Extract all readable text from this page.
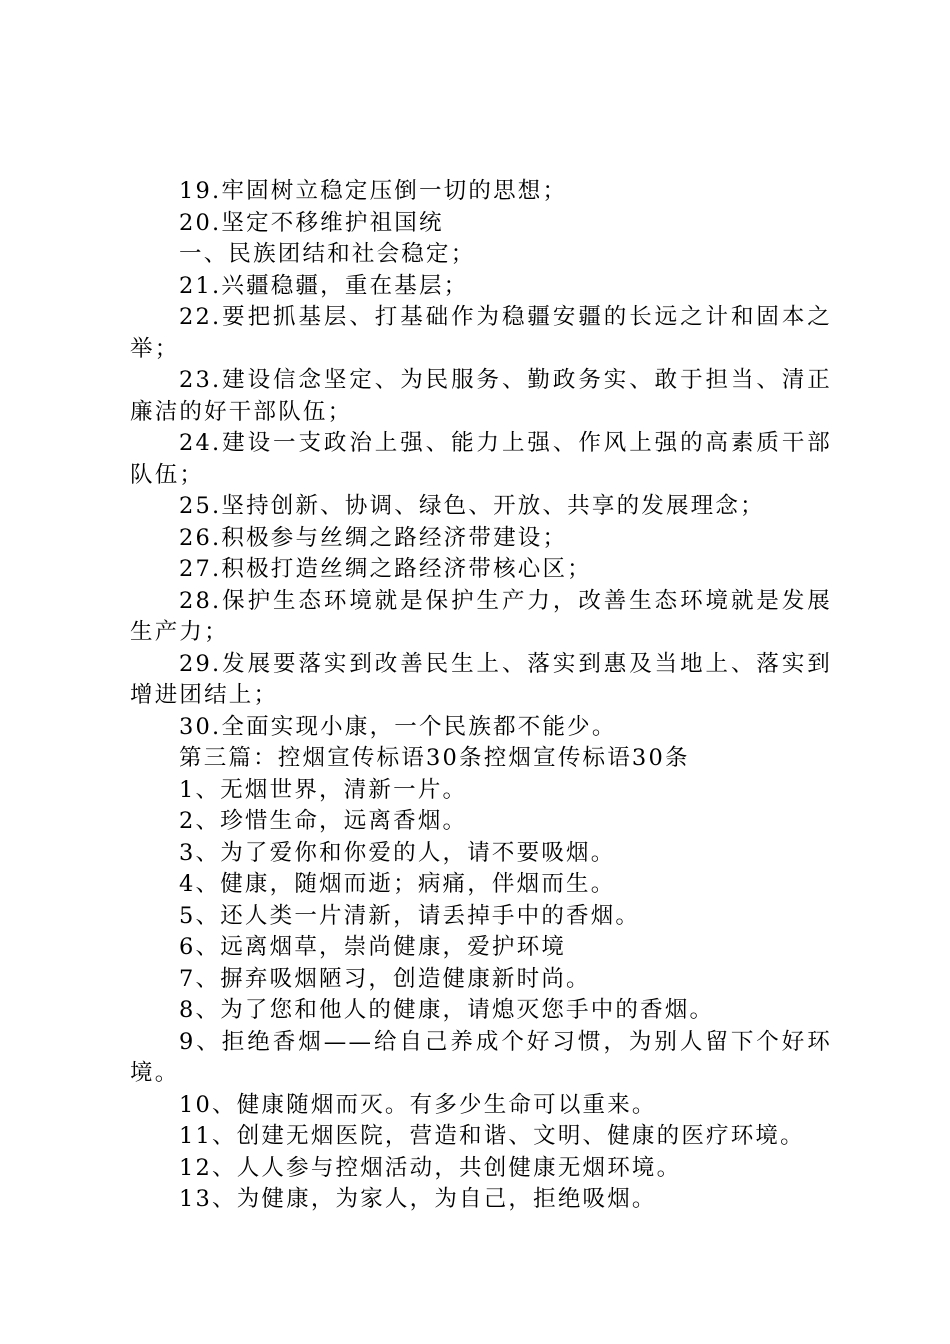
19.牢固树立稳定压倒一切的思想；

20.坚定不移维护祖国统

一、民族团结和社会稳定；

21.兴疆稳疆，重在基层；

22.要把抓基层、打基础作为稳疆安疆的长远之计和固本之举；

23.建设信念坚定、为民服务、勤政务实、敢于担当、清正廉洁的好干部队伍；

24.建设一支政治上强、能力上强、作风上强的高素质干部队伍；

25.坚持创新、协调、绿色、开放、共享的发展理念；

26.积极参与丝绸之路经济带建设；

27.积极打造丝绸之路经济带核心区；

28.保护生态环境就是保护生产力，改善生态环境就是发展生产力；

29.发展要落实到改善民生上、落实到惠及当地上、落实到增进团结上；

30.全面实现小康，一个民族都不能少。

第三篇：控烟宣传标语30条控烟宣传标语30条

1、无烟世界，清新一片。

2、珍惜生命，远离香烟。

3、为了爱你和你爱的人，请不要吸烟。

4、健康，随烟而逝；病痛，伴烟而生。

5、还人类一片清新，请丢掉手中的香烟。

6、远离烟草，崇尚健康，爱护环境

7、摒弃吸烟陋习，创造健康新时尚。

8、为了您和他人的健康，请熄灭您手中的香烟。

9、拒绝香烟——给自己养成个好习惯，为别人留下个好环境。

10、健康随烟而灭。有多少生命可以重来。

11、创建无烟医院，营造和谐、文明、健康的医疗环境。

12、人人参与控烟活动，共创健康无烟环境。

13、为健康，为家人，为自己，拒绝吸烟。
